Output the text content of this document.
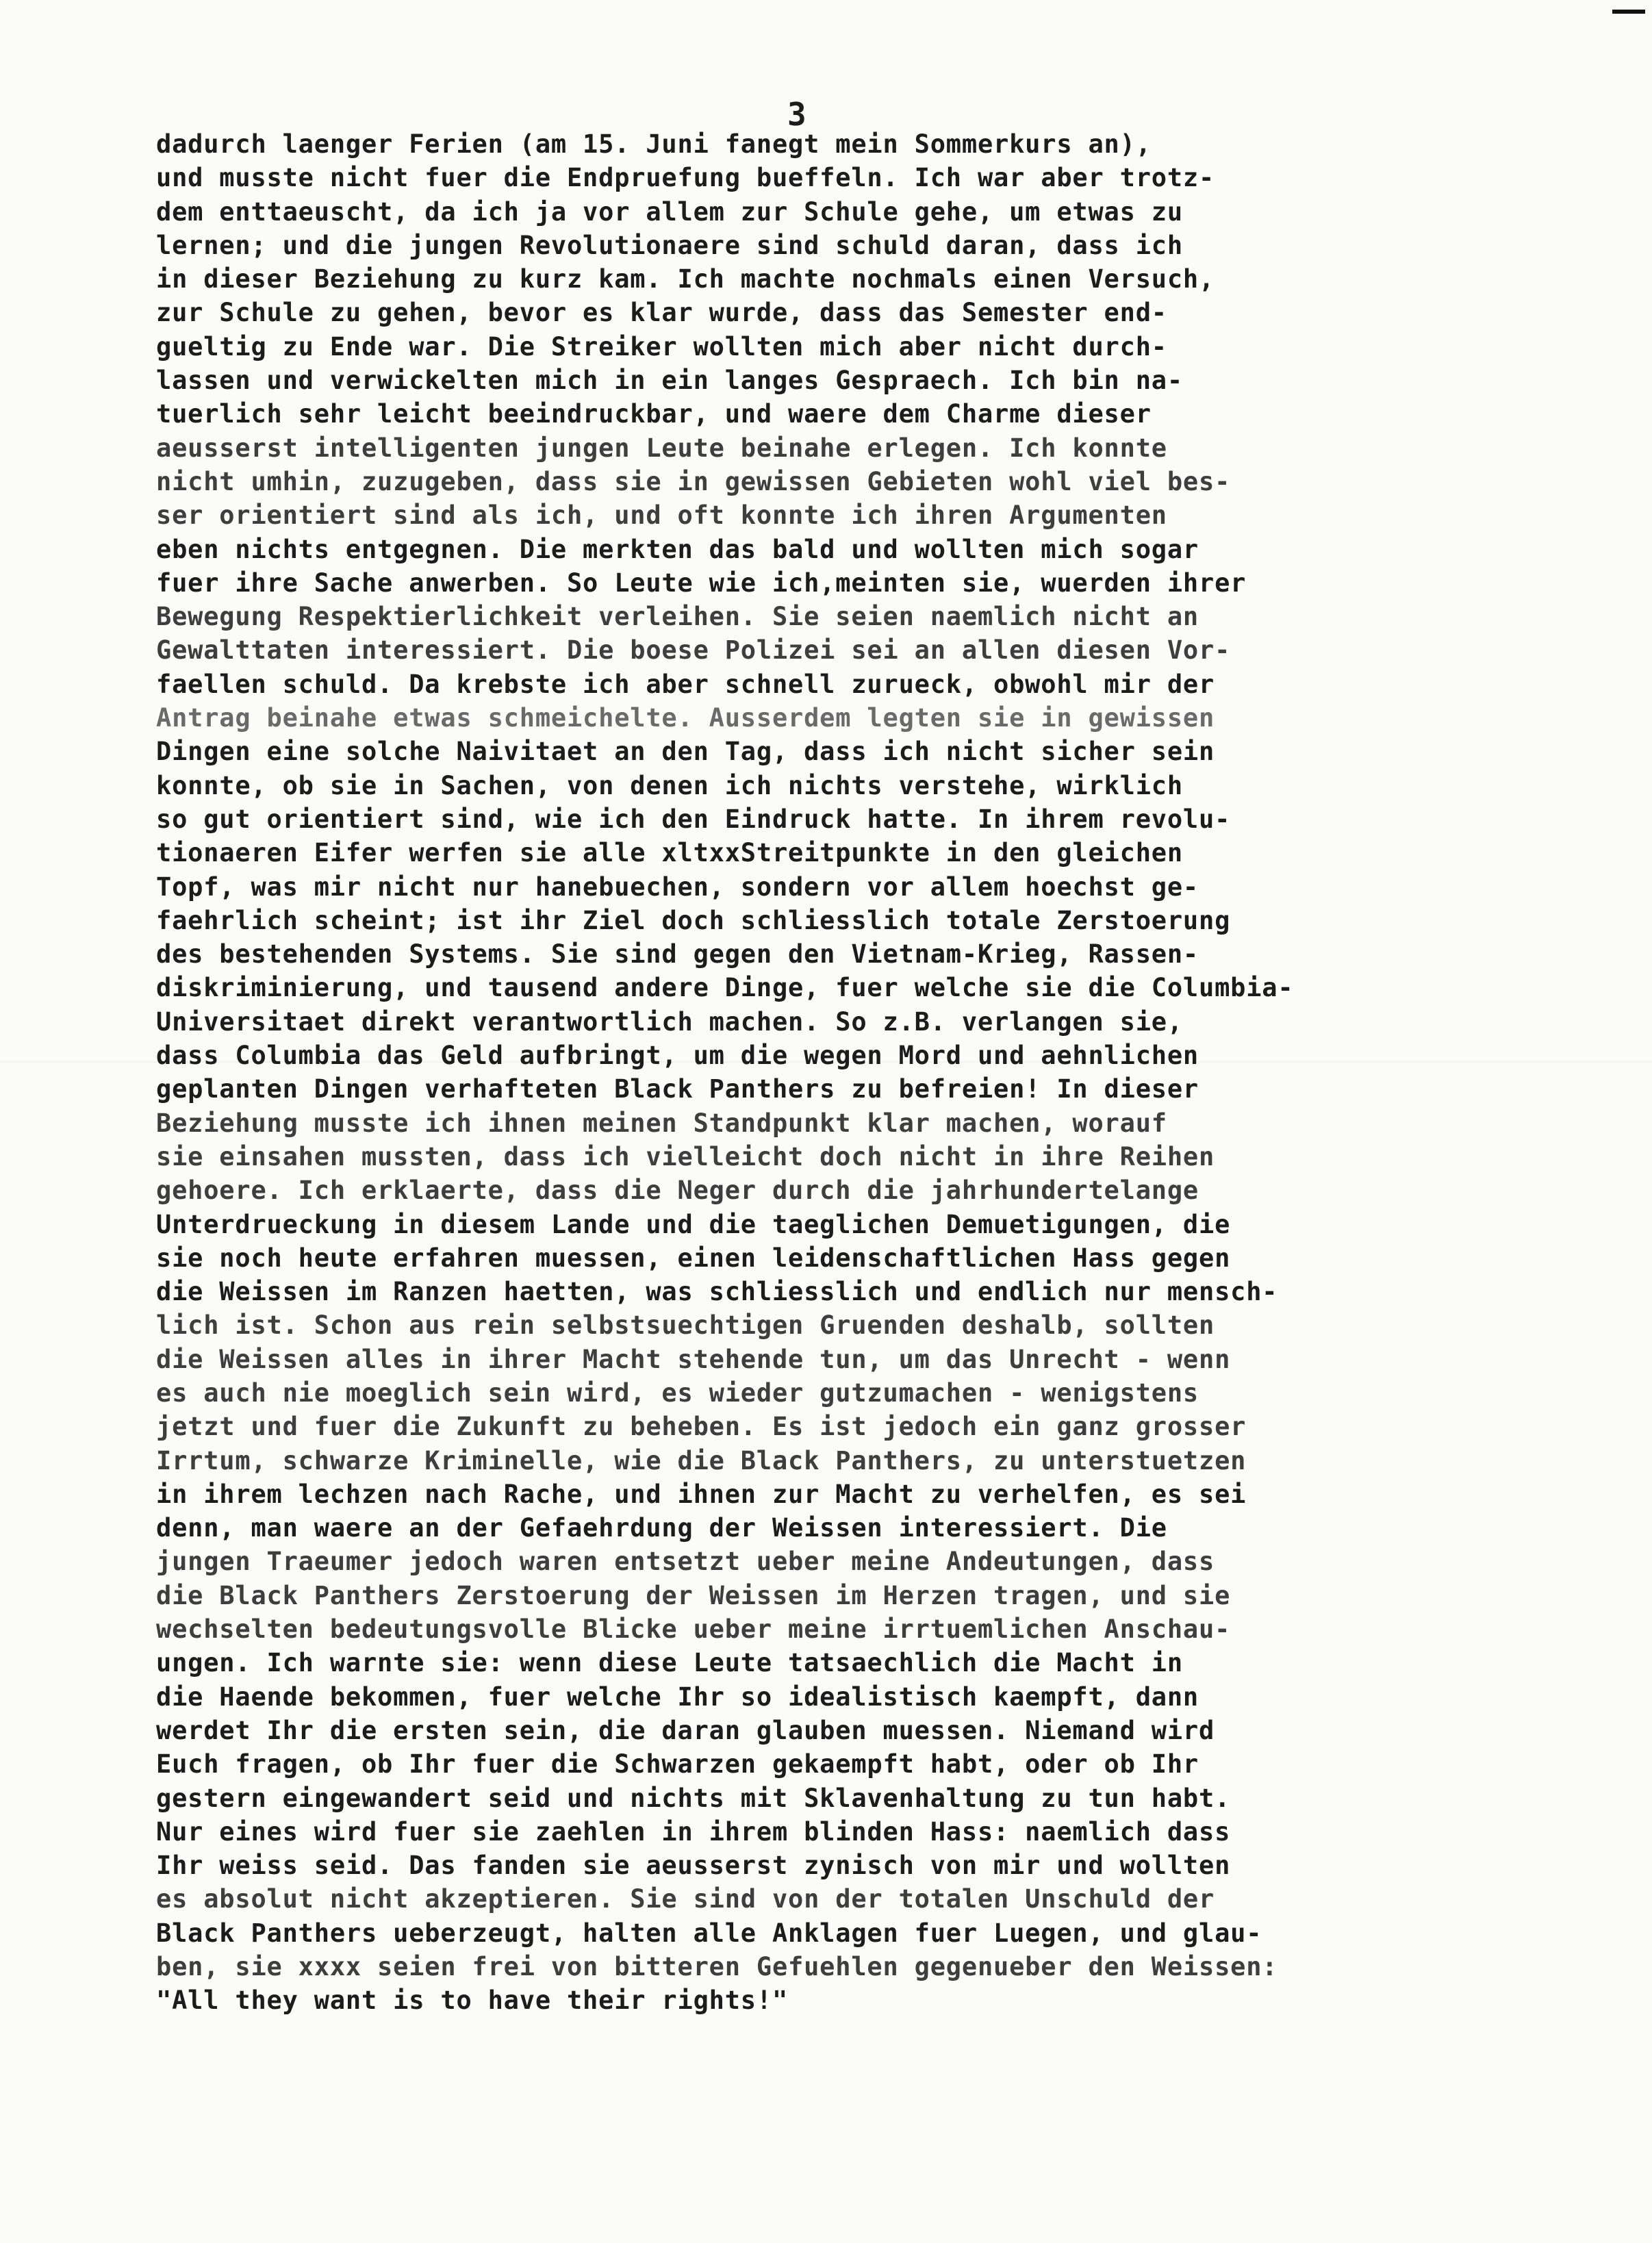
3
dadurch laenger Ferien (am 15. Juni fanegt mein Sommerkurs an),
und musste nicht fuer die Endpruefung bueffeln. Ich war aber trotz-
dem enttaeuscht, da ich ja vor allem zur Schule gehe, um etwas zu
lernen; und die jungen Revolutionaere sind schuld daran, dass ich
in dieser Beziehung zu kurz kam. Ich machte nochmals einen Versuch,
zur Schule zu gehen, bevor es klar wurde, dass das Semester end-
gueltig zu Ende war. Die Streiker wollten mich aber nicht durch-
lassen und verwickelten mich in ein langes Gespraech. Ich bin na-
tuerlich sehr leicht beeindruckbar, und waere dem Charme dieser
aeusserst intelligenten jungen Leute beinahe erlegen. Ich konnte
nicht umhin, zuzugeben, dass sie in gewissen Gebieten wohl viel bes-
ser orientiert sind als ich, und oft konnte ich ihren Argumenten
eben nichts entgegnen. Die merkten das bald und wollten mich sogar
fuer ihre Sache anwerben. So Leute wie ich,meinten sie, wuerden ihrer
Bewegung Respektierlichkeit verleihen. Sie seien naemlich nicht an
Gewalttaten interessiert. Die boese Polizei sei an allen diesen Vor-
faellen schuld. Da krebste ich aber schnell zurueck, obwohl mir der
Antrag beinahe etwas schmeichelte. Ausserdem legten sie in gewissen
Dingen eine solche Naivitaet an den Tag, dass ich nicht sicher sein
konnte, ob sie in Sachen, von denen ich nichts verstehe, wirklich
so gut orientiert sind, wie ich den Eindruck hatte. In ihrem revolu-
tionaeren Eifer werfen sie alle xltxxStreitpunkte in den gleichen
Topf, was mir nicht nur hanebuechen, sondern vor allem hoechst ge-
faehrlich scheint; ist ihr Ziel doch schliesslich totale Zerstoerung
des bestehenden Systems. Sie sind gegen den Vietnam-Krieg, Rassen-
diskriminierung, und tausend andere Dinge, fuer welche sie die Columbia-
Universitaet direkt verantwortlich machen. So z.B. verlangen sie,
dass Columbia das Geld aufbringt, um die wegen Mord und aehnlichen
geplanten Dingen verhafteten Black Panthers zu befreien! In dieser
Beziehung musste ich ihnen meinen Standpunkt klar machen, worauf
sie einsahen mussten, dass ich vielleicht doch nicht in ihre Reihen
gehoere. Ich erklaerte, dass die Neger durch die jahrhundertelange
Unterdrueckung in diesem Lande und die taeglichen Demuetigungen, die
sie noch heute erfahren muessen, einen leidenschaftlichen Hass gegen
die Weissen im Ranzen haetten, was schliesslich und endlich nur mensch-
lich ist. Schon aus rein selbstsuechtigen Gruenden deshalb, sollten
die Weissen alles in ihrer Macht stehende tun, um das Unrecht - wenn
es auch nie moeglich sein wird, es wieder gutzumachen - wenigstens
jetzt und fuer die Zukunft zu beheben. Es ist jedoch ein ganz grosser
Irrtum, schwarze Kriminelle, wie die Black Panthers, zu unterstuetzen
in ihrem lechzen nach Rache, und ihnen zur Macht zu verhelfen, es sei
denn, man waere an der Gefaehrdung der Weissen interessiert. Die
jungen Traeumer jedoch waren entsetzt ueber meine Andeutungen, dass
die Black Panthers Zerstoerung der Weissen im Herzen tragen, und sie
wechselten bedeutungsvolle Blicke ueber meine irrtuemlichen Anschau-
ungen. Ich warnte sie: wenn diese Leute tatsaechlich die Macht in
die Haende bekommen, fuer welche Ihr so idealistisch kaempft, dann
werdet Ihr die ersten sein, die daran glauben muessen. Niemand wird
Euch fragen, ob Ihr fuer die Schwarzen gekaempft habt, oder ob Ihr
gestern eingewandert seid und nichts mit Sklavenhaltung zu tun habt.
Nur eines wird fuer sie zaehlen in ihrem blinden Hass: naemlich dass
Ihr weiss seid. Das fanden sie aeusserst zynisch von mir und wollten
es absolut nicht akzeptieren. Sie sind von der totalen Unschuld der
Black Panthers ueberzeugt, halten alle Anklagen fuer Luegen, und glau-
ben, sie xxxx seien frei von bitteren Gefuehlen gegenueber den Weissen:
"All they want is to have their rights!"
